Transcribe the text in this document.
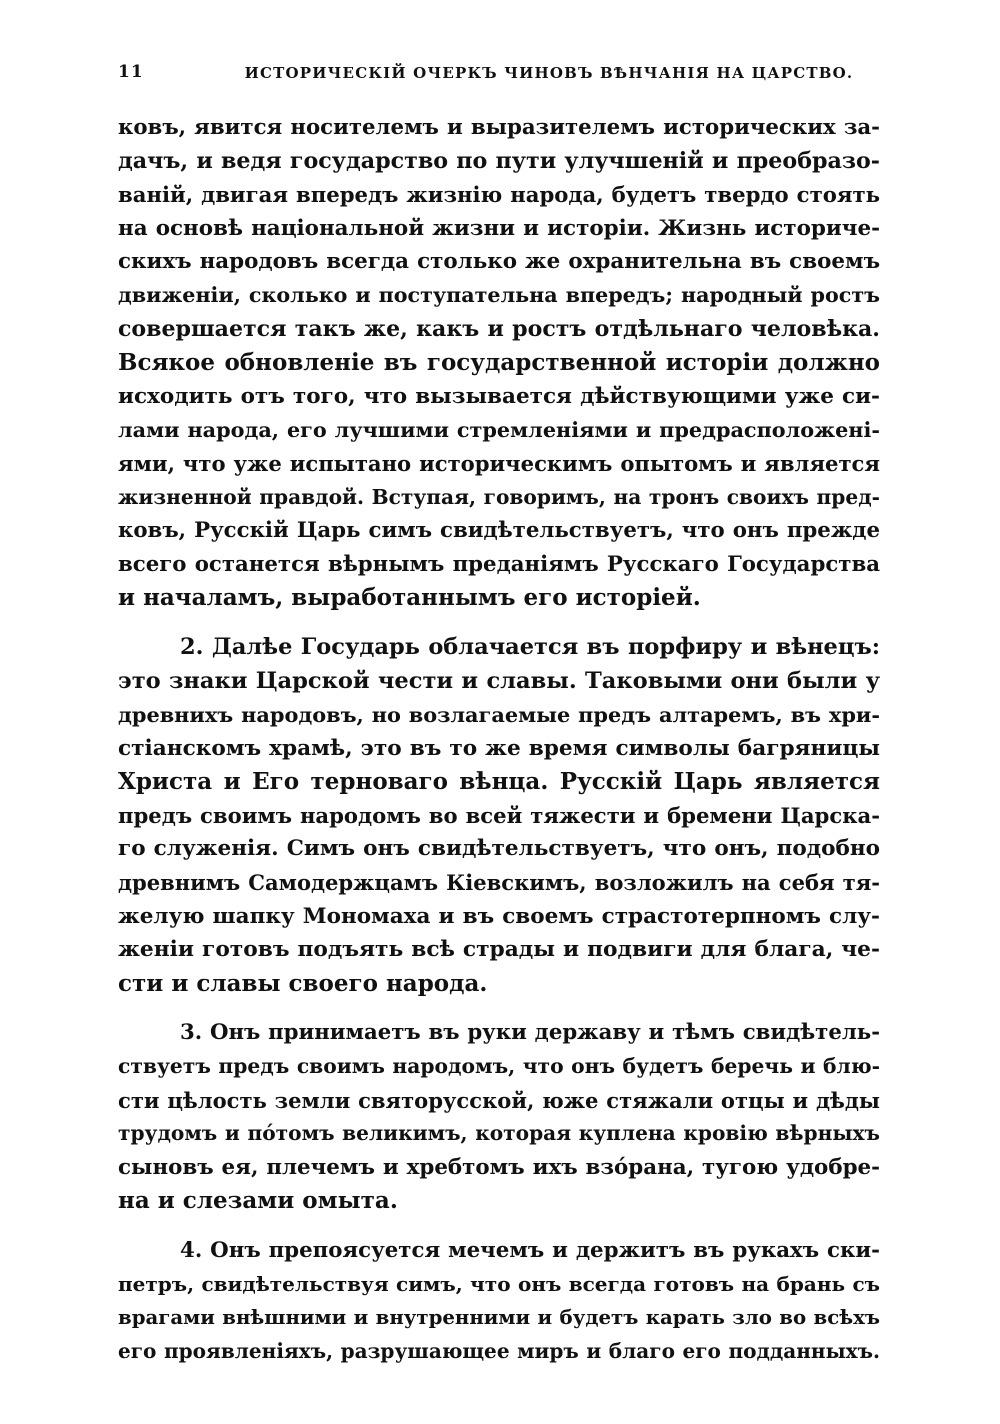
11	ИСТОРИЧЕСКІЙ ОЧЕРКЪ ЧИНОВЪ ВѢНЧАНІЯ НА ЦАРСТВО.
ковъ, явится носителемъ и выразителемъ исторических за-
дачъ, и ведя государство по пути улучшеній и преобразо-
ваній, двигая впередъ жизнію народа, будетъ твердо стоять
на основѣ національной жизни и исторіи. Жизнь историче-
скихъ народовъ всегда столько же охранительна въ своемъ
движеніи, сколько и поступательна впередъ; народный ростъ
совершается такъ же, какъ и ростъ отдѣльнаго человѣка.
Всякое обновленіе въ государственной исторіи должно
исходить отъ того, что вызывается дѣйствующими уже си-
лами народа, его лучшими стремленіями и предрасположені-
ями, что уже испытано историческимъ опытомъ и является
жизненной правдой. Вступая, говоримъ, на тронъ своихъ пред-
ковъ, Русскій Царь симъ свидѣтельствуетъ, что онъ прежде
всего останется вѣрнымъ преданіямъ Русскаго Государства
и началамъ, выработаннымъ его исторіей.
2. Далѣе Государь облачается въ порфиру и вѣнецъ:
это знаки Царской чести и славы. Таковыми они были у
древнихъ народовъ, но возлагаемые предъ алтаремъ, въ хри-
стіанскомъ храмѣ, это въ то же время символы багряницы
Христа и Его терноваго вѣнца. Русскій Царь является
предъ своимъ народомъ во всей тяжести и бремени Царска-
го служенія. Симъ онъ свидѣтельствуетъ, что онъ, подобно
древнимъ Самодержцамъ Кіевскимъ, возложилъ на себя тя-
желую шапку Мономаха и въ своемъ страстотерпномъ слу-
женіи готовъ подъять всѣ страды и подвиги для блага, че-
сти и славы своего народа.
3. Онъ принимаетъ въ руки державу и тѣмъ свидѣтель-
ствуетъ предъ своимъ народомъ, что онъ будетъ беречь и блю-
сти цѣлость земли святорусской, юже стяжали отцы и дѣды
трудомъ и пóтомъ великимъ, которая куплена кровію вѣрныхъ
сыновъ ея, плечемъ и хребтомъ ихъ взóрана, тугою удобре-
на и слезами омыта.
4. Онъ препоясуется мечемъ и держитъ въ рукахъ ски-
петръ, свидѣтельствуя симъ, что онъ всегда готовъ на брань съ
врагами внѣшними и внутренними и будетъ карать зло во всѣхъ
его проявленіяхъ, разрушающее миръ и благо его подданныхъ.
